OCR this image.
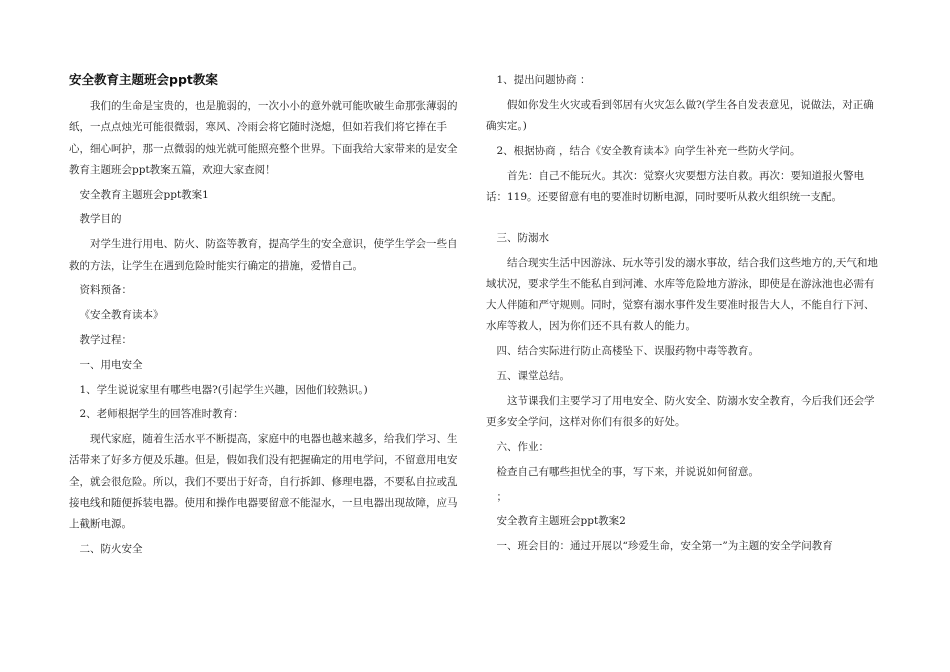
安全教育主题班会ppt教案

我们的生命是宝贵的，也是脆弱的，一次小小的意外就可能吹破生命那张薄弱的纸，一点点烛光可能很微弱，寒风、冷雨会将它随时浇熄，但如若我们将它捧在手心，细心呵护，那一点微弱的烛光就可能照亮整个世界。下面我给大家带来的是安全教育主题班会ppt教案五篇，欢迎大家查阅！

安全教育主题班会ppt教案1
教学目的

对学生进行用电、防火、防盗等教育，提高学生的安全意识，使学生学会一些自救的方法，让学生在遇到危险时能实行确定的措施，爱惜自己。

资料预备：
《安全教育读本》
教学过程：
一、用电安全
1、学生说说家里有哪些电器?(引起学生兴趣，因他们较熟识。)
2、老师根据学生的回答准时教育：

现代家庭，随着生活水平不断提高，家庭中的电器也越来越多，给我们学习、生活带来了好多方便及乐趣。但是，假如我们没有把握确定的用电学问，不留意用电安全，就会很危险。所以，我们不要出于好奇，自行拆卸、修理电器，不要私自拉或乱接电线和随便拆装电器。使用和操作电器要留意不能湿水，一旦电器出现故障，应马上截断电源。

二、防火安全
1、提出问题协商 ：

假如你发生火灾或看到邻居有火灾怎么做?(学生各自发表意见，说做法，对正确确实定。)

2、根据协商 ，结合《安全教育读本》向学生补充一些防火学问。

首先：自己不能玩火。其次：觉察火灾要想方法自救。再次：要知道报火警电话：119。还要留意有电的要准时切断电源，同时要听从救火组织统一支配。

三、防溺水

结合现实生活中因游泳、玩水等引发的溺水事故，结合我们这些地方的,天气和地域状况，要求学生不能私自到河滩、水库等危险地方游泳，即使是在游泳池也必需有大人伴随和严守规则。同时，觉察有溺水事件发生要准时报告大人，不能自行下河、水库等救人，因为你们还不具有救人的能力。

四、结合实际进行防止高楼坠下、误服药物中毒等教育。
五、课堂总结。

这节课我们主要学习了用电安全、防火安全、防溺水安全教育，今后我们还会学更多安全学问，这样对你们有很多的好处。

六、作业：
检查自己有哪些担忧全的事，写下来，并说说如何留意。
；
安全教育主题班会ppt教案2
一、班会目的：通过开展以“珍爱生命，安全第一”为主题的安全学问教育
